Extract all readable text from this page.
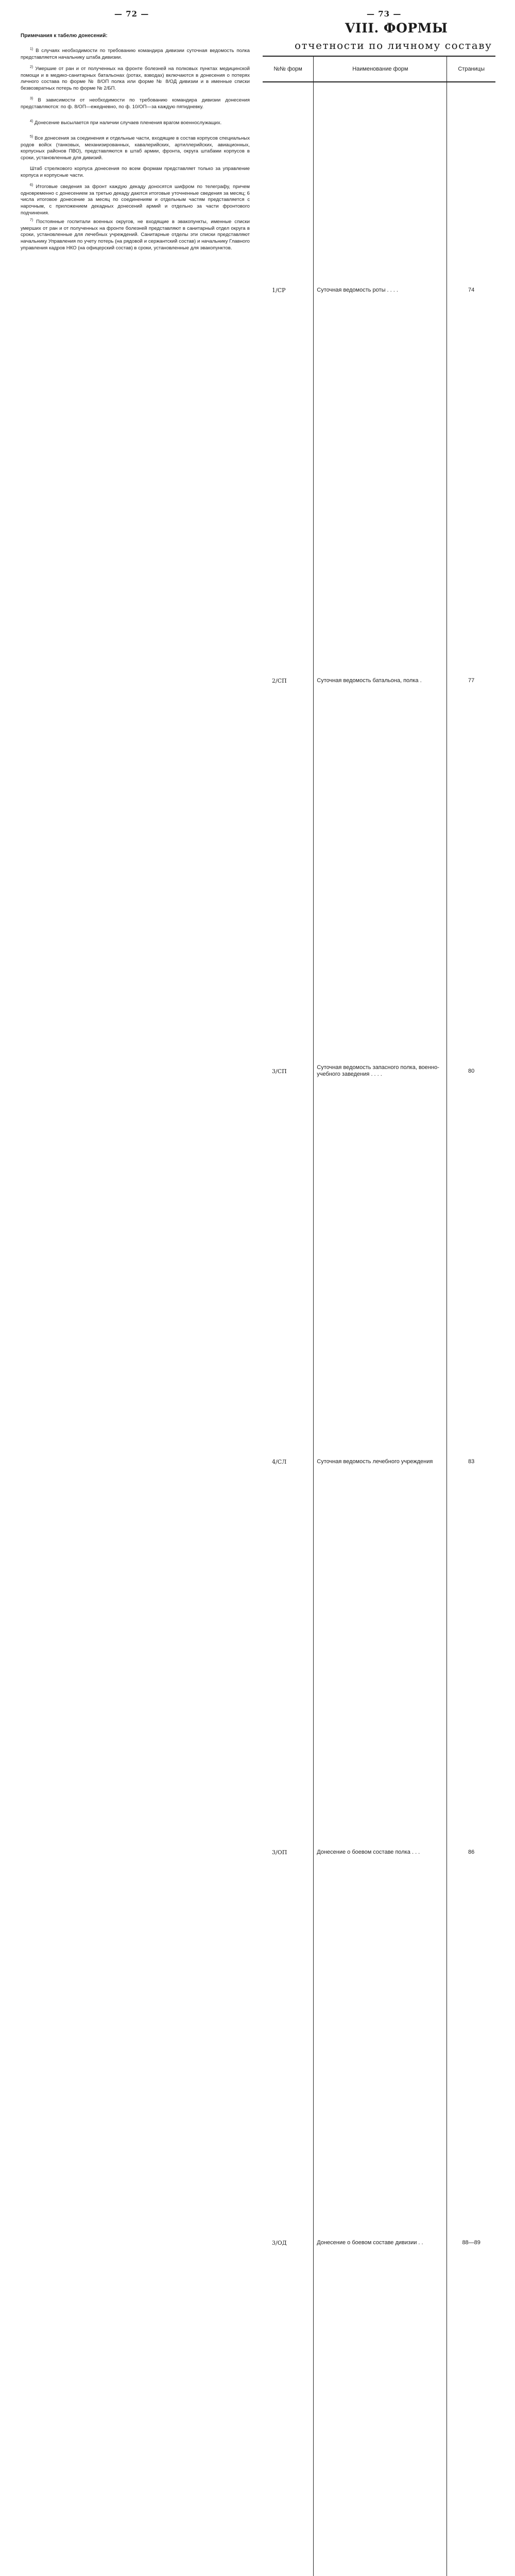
— 72 —
Примечания к табелю донесений:
$^{1)}$ В случаях необходимости по требованию командира дивизии суточная ведомость полка представляется начальнику штаба дивизии.
$^{2)}$ Умершие от ран и от полученных на фронте болезней на полковых пунктах медицинской помощи и в медико-санитарных батальонах (ротах, взводах) включаются в донесения о потерях личного состава по форме № 8/ОП полка или форме № 8/ОД дивизии и в именные списки безвозвратных потерь по форме № 2/БП.
$^{3)}$ В зависимости от необходимости по требованию командира дивизии донесения представляются: по ф. 8/ОП—ежедневно, по ф. 10/ОП—за каждую пятидневку.
$^{4)}$ Донесение высылается при наличии случаев пленения врагом военнослужащих.
$^{5)}$ Все донесения за соединения и отдельные части, входящие в состав корпусов специальных родов войск (танковых, механизированных, кавалерийских, артиллерийских, авиационных, корпусных районов ПВО), представляются в штаб армии, фронта, округа штабами корпусов в сроки, установленные для дивизий.
Штаб стрелкового корпуса донесения по всем формам представляет только за управление корпуса и корпусные части.
$^{6)}$ Итоговые сведения за фронт каждую декаду доносятся шифром по телеграфу, причем одновременно с донесением за третью декаду даются итоговые уточненные сведения за месяц; 6 числа итоговое донесение за месяц по соединениям и отдельным частям представляется с нарочным, с приложением декадных донесений армий и отдельно за части фронтового подчинения.
$^{7)}$ Постоянные госпитали военных округов, не входящие в эвакопункты, именные списки умерших от ран и от полученных на фронте болезней представляют в санитарный отдел округа в сроки, установленные для лечебных учреждений. Санитарные отделы эти списки представляют начальнику Управления по учету потерь (на рядовой и сержантский состав) и начальнику Главного управления кадров НКО (на офицерский состав) в сроки, установленные для эвакопунктов.
— 73 —
VIII. ФОРМЫ
отчетности по личному составу
№№ форм	Наименование форм	Страницы

1/СР	Суточная ведомость роты . . . .	74
2/СП	Суточная ведомость батальона, полка .	77
3/СП	Суточная ведомость запасного полка, военно-учебного заведения . . . .	80
4/СЛ	Суточная ведомость лечебного учреждения	83
3/ОП	Донесение о боевом составе полка . . .	86
3/ОД	Донесение о боевом составе дивизии . .	88—89
